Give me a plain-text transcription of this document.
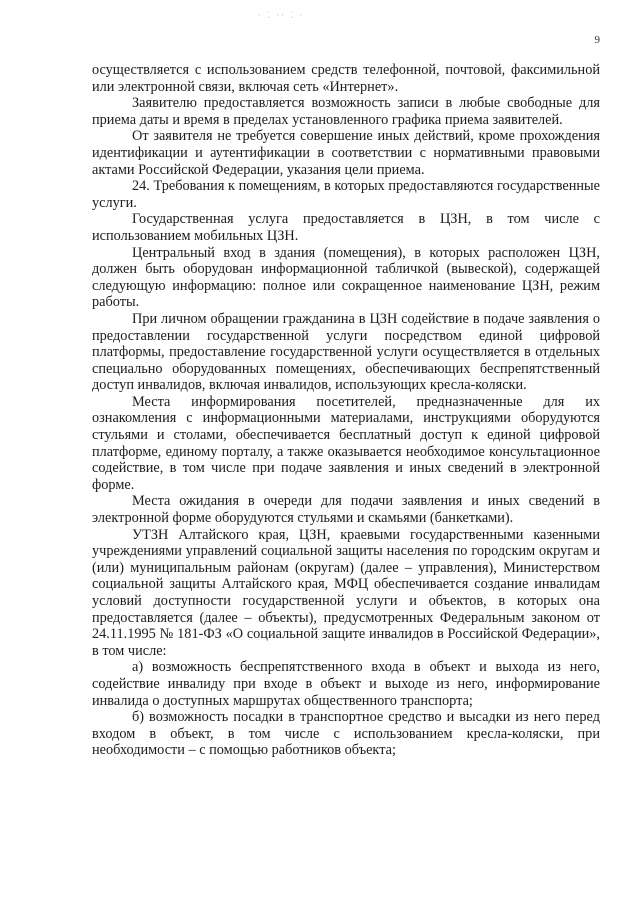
‧ ⁚ ‧‧ ⁚ ‧
9

осуществляется с использованием средств телефонной, почтовой, факсимильной или электронной связи, включая сеть «Интернет».

Заявителю предоставляется возможность записи в любые свободные для приема даты и время в пределах установленного графика приема заявителей.

От заявителя не требуется совершение иных действий, кроме прохождения идентификации и аутентификации в соответствии с нормативными правовыми актами Российской Федерации, указания цели приема.

24. Требования к помещениям, в которых предоставляются государственные услуги.

Государственная услуга предоставляется в ЦЗН, в том числе с использованием мобильных ЦЗН.

Центральный вход в здания (помещения), в которых расположен ЦЗН, должен быть оборудован информационной табличкой (вывеской), содержащей следующую информацию: полное или сокращенное наименование ЦЗН, режим работы.

При личном обращении гражданина в ЦЗН содействие в подаче заявления о предоставлении государственной услуги посредством единой цифровой платформы, предоставление государственной услуги осуществляется в отдельных специально оборудованных помещениях, обеспечивающих беспрепятственный доступ инвалидов, включая инвалидов, использующих кресла-коляски.

Места информирования посетителей, предназначенные для их ознакомления с информационными материалами, инструкциями оборудуются стульями и столами, обеспечивается бесплатный доступ к единой цифровой платформе, единому порталу, а также оказывается необходимое консультационное содействие, в том числе при подаче заявления и иных сведений в электронной форме.

Места ожидания в очереди для подачи заявления и иных сведений в электронной форме оборудуются стульями и скамьями (банкетками).

УТЗН Алтайского края, ЦЗН, краевыми государственными казенными учреждениями управлений социальной защиты населения по городским округам и (или) муниципальным районам (округам) (далее – управления), Министерством социальной защиты Алтайского края, МФЦ обеспечивается создание инвалидам условий доступности государственной услуги и объектов, в которых она предоставляется (далее – объекты), предусмотренных Федеральным законом от 24.11.1995 № 181-ФЗ «О социальной защите инвалидов в Российской Федерации», в том числе:

а) возможность беспрепятственного входа в объект и выхода из него, содействие инвалиду при входе в объект и выходе из него, информирование инвалида о доступных маршрутах общественного транспорта;

б) возможность посадки в транспортное средство и высадки из него перед входом в объект, в том числе с использованием кресла-коляски, при необходимости – с помощью работников объекта;
